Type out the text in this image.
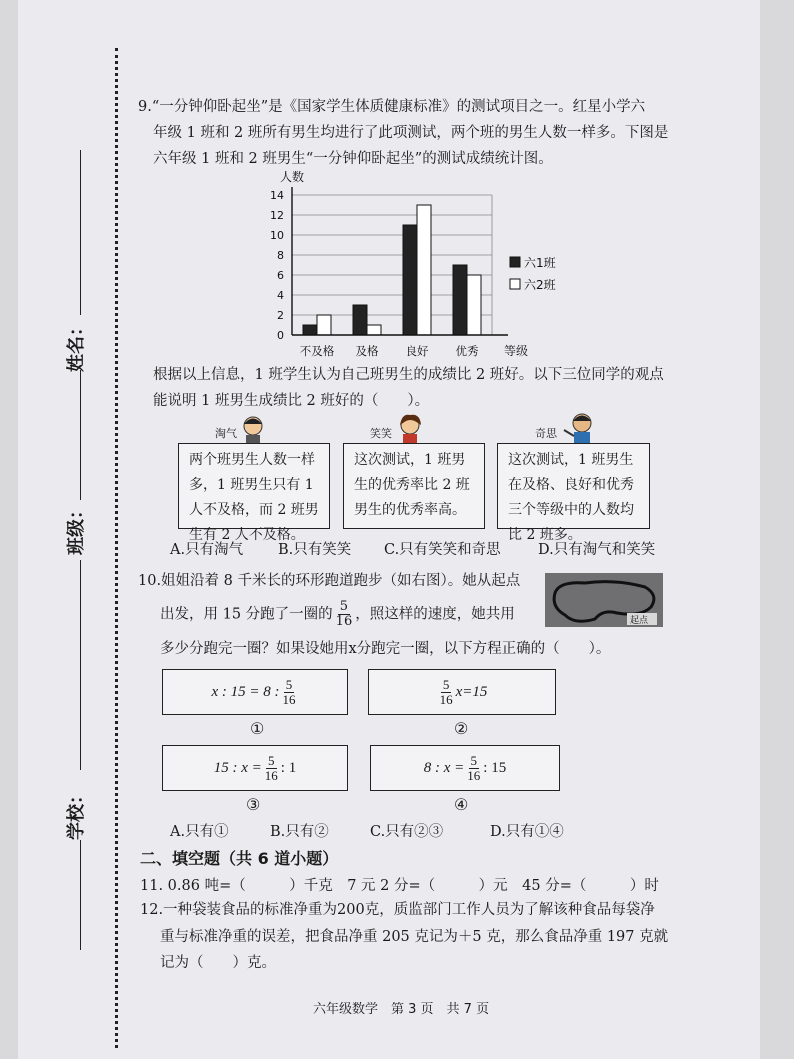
姓名：
班级：
学校：
9.“一分钟仰卧起坐”是《国家学生体质健康标准》的测试项目之一。红星小学六
年级 1 班和 2 班所有男生均进行了此项测试，两个班的男生人数一样多。下图是
六年级 1 班和 2 班男生“一分钟仰卧起坐”的测试成绩统计图。
0
2
4
6
8
10
12
14
人数
等级
不及格 及格 良好 优秀
六1班
六2班
根据以上信息，1 班学生认为自己班男生的成绩比 2 班好。以下三位同学的观点
能说明 1 班男生成绩比 2 班好的（　　）。
淘气
两个班男生人数一样
多，1 班男生只有 1
人不及格，而 2 班男
生有 2 人不及格。
笑笑
这次测试，1 班男
生的优秀率比 2 班
男生的优秀率高。
奇思
这次测试，1 班男生
在及格、良好和优秀
三个等级中的人数均
比 2 班多。
A.只有淘气 B.只有笑笑 C.只有笑笑和奇思	D.只有淘气和笑笑
10.姐姐沿着 8 千米长的环形跑道跑步（如右图）。她从起点
出发，用 15 分跑了一圈的 $\frac{5}{16}$ ，照这样的速度，她共用
多少分跑完一圈？如果设她用x分跑完一圈，以下方程正确的（　　）。
起点
x : 15 = 8 : $\frac{5}{16}$	$\frac{5}{16} x=15$
①	②
15 : $x = \frac{5}{16}$ : 1	8 : $x = \frac{5}{16}$ : 15
③	④
A.只有①	B.只有②	C.只有②③	D.只有①④
二、填空题（共 6 道小题）
11. 0.86 吨=（　　　）千克　7 元 2 分=（　　　）元　45 分=（　　　）时
12.一种袋装食品的标准净重为200克，质监部门工作人员为了解该种食品每袋净
重与标准净重的误差，把食品净重 205 克记为＋5 克，那么食品净重 197 克就
记为（　　）克。
六年级数学　第 3 页　共 7 页
